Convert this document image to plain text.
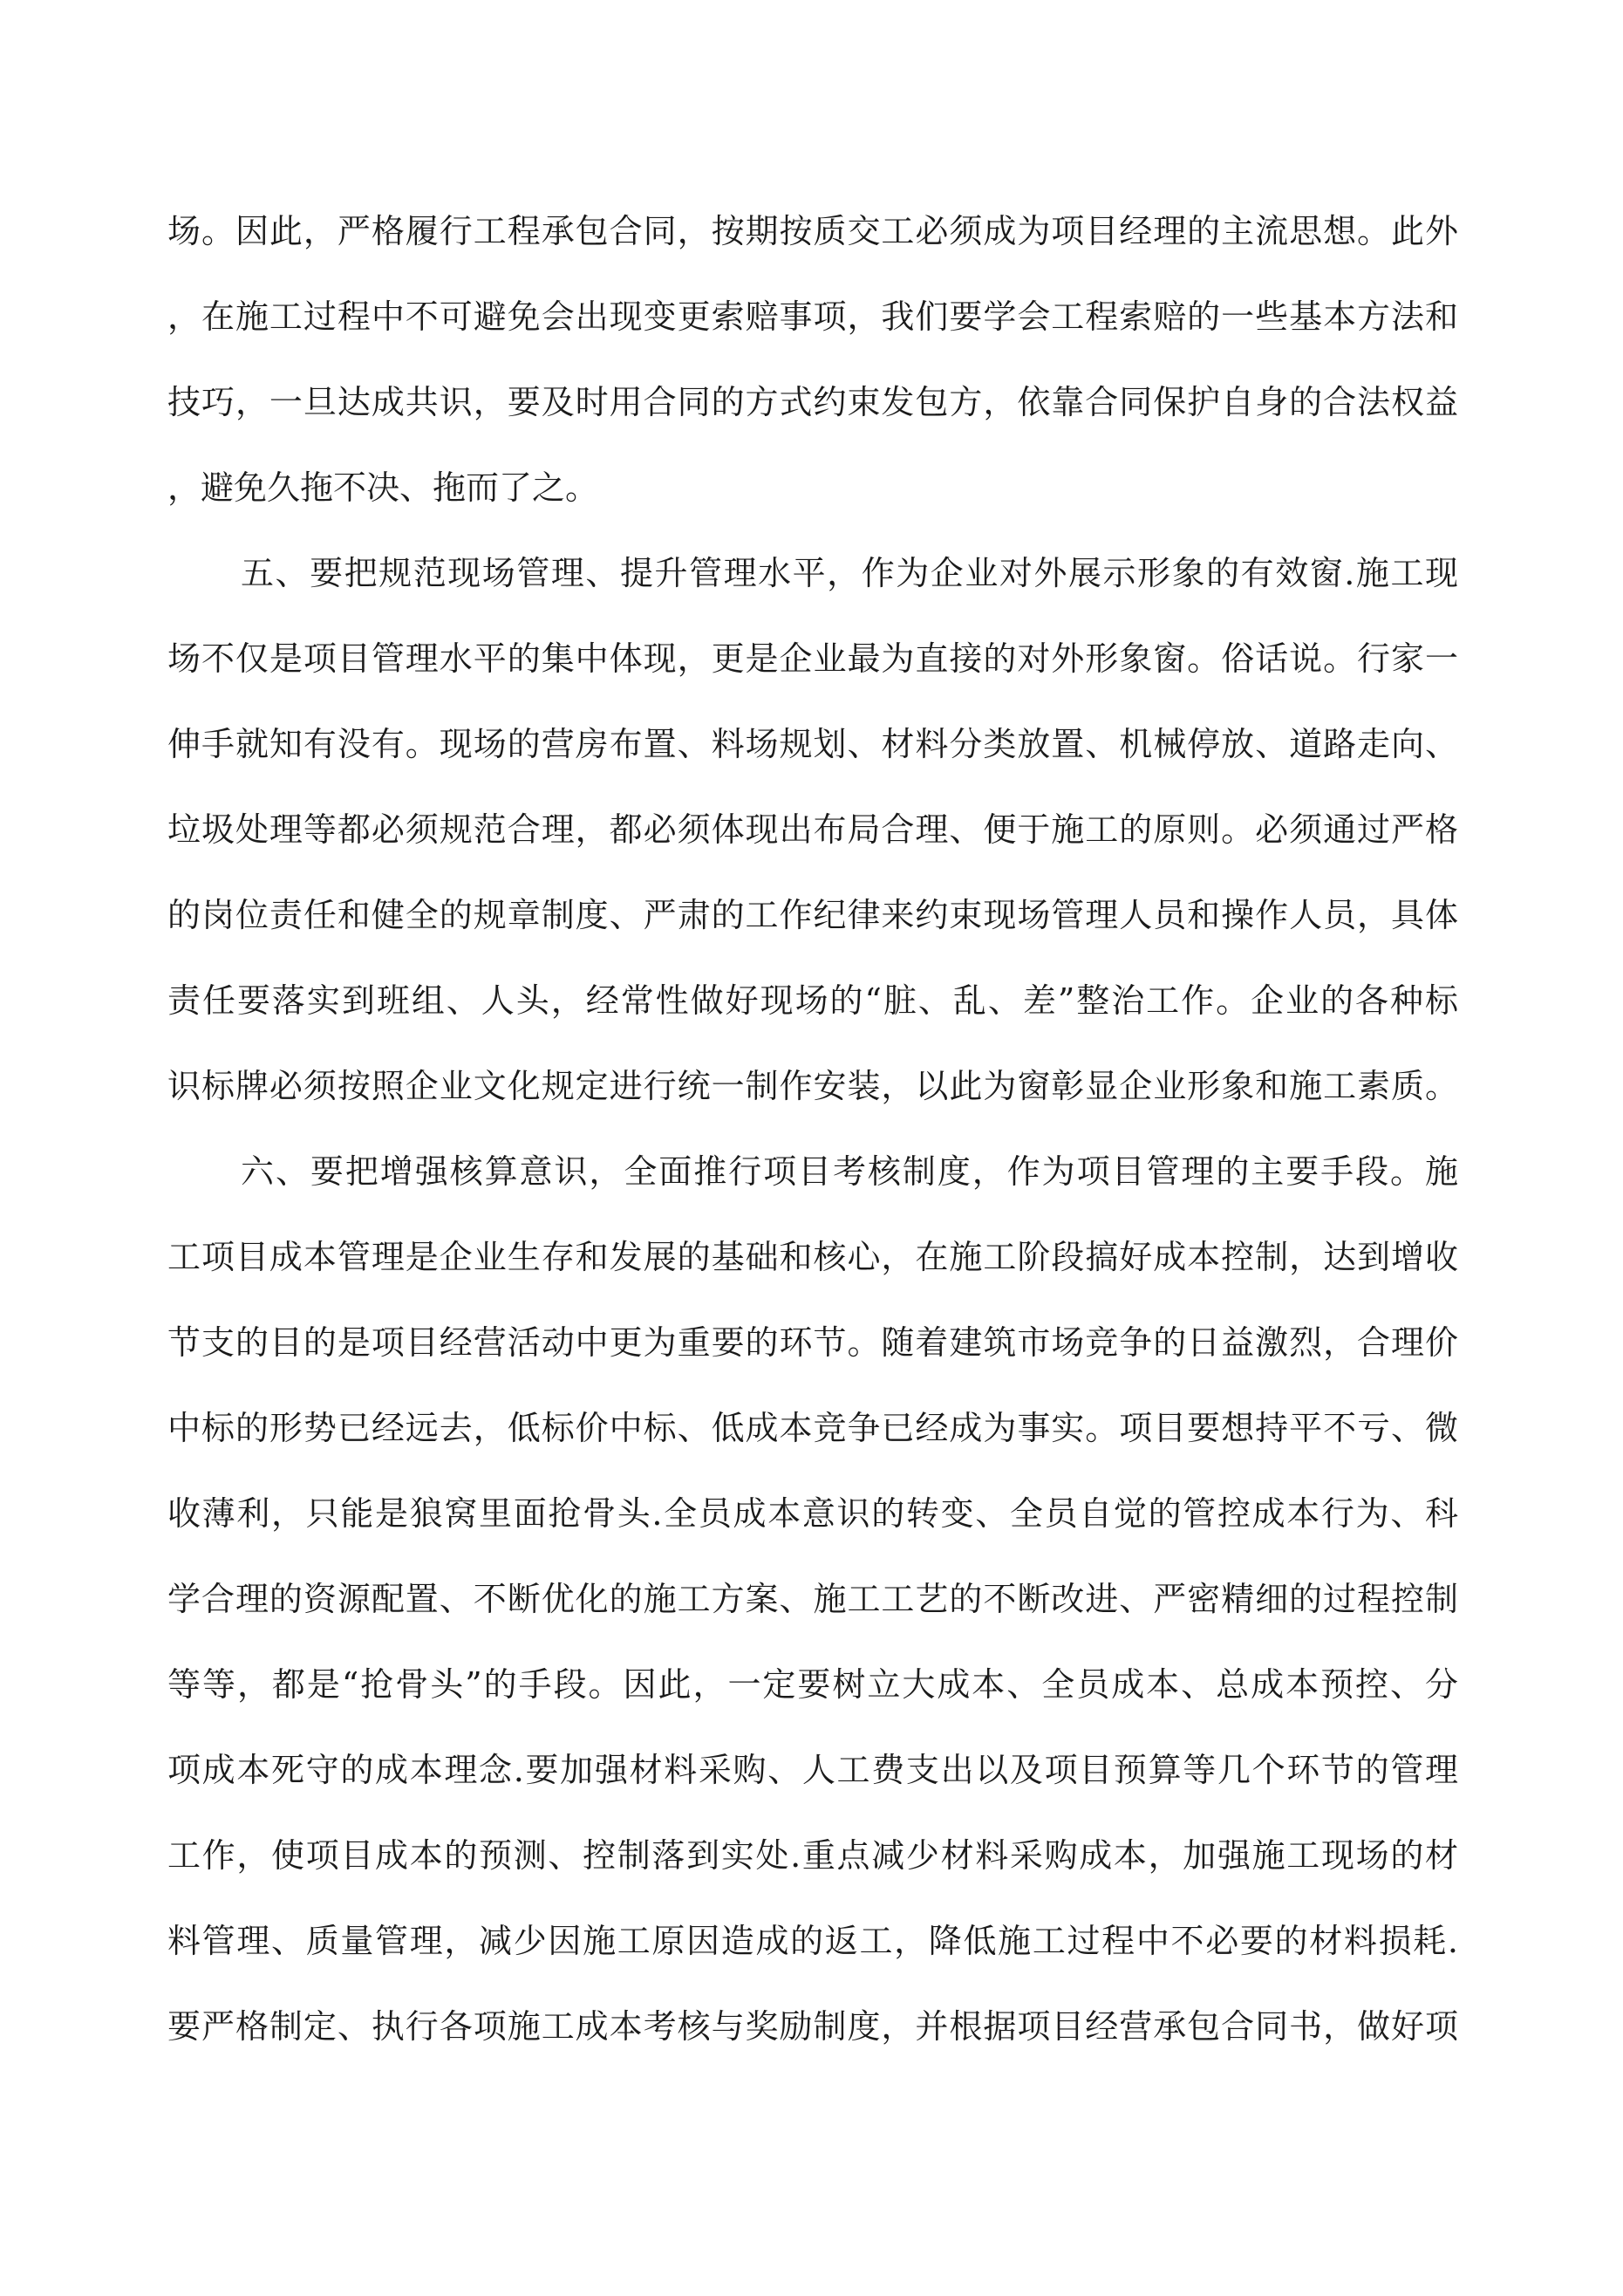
场。因此，严格履行工程承包合同，按期按质交工必须成为项目经理的主流思想。此外
，在施工过程中不可避免会出现变更索赔事项，我们要学会工程索赔的一些基本方法和
技巧，一旦达成共识，要及时用合同的方式约束发包方，依靠合同保护自身的合法权益
，避免久拖不决、拖而了之。
五、要把规范现场管理、提升管理水平，作为企业对外展示形象的有效窗.施工现
场不仅是项目管理水平的集中体现，更是企业最为直接的对外形象窗。俗话说。行家一
伸手就知有没有。现场的营房布置、料场规划、材料分类放置、机械停放、道路走向、
垃圾处理等都必须规范合理，都必须体现出布局合理、便于施工的原则。必须通过严格
的岗位责任和健全的规章制度、严肃的工作纪律来约束现场管理人员和操作人员，具体
责任要落实到班组、人头，经常性做好现场的“脏、乱、差”整治工作。企业的各种标
识标牌必须按照企业文化规定进行统一制作安装，以此为窗彰显企业形象和施工素质。
六、要把增强核算意识，全面推行项目考核制度，作为项目管理的主要手段。施
工项目成本管理是企业生存和发展的基础和核心，在施工阶段搞好成本控制，达到增收
节支的目的是项目经营活动中更为重要的环节。随着建筑市场竞争的日益激烈，合理价
中标的形势已经远去，低标价中标、低成本竞争已经成为事实。项目要想持平不亏、微
收薄利，只能是狼窝里面抢骨头.全员成本意识的转变、全员自觉的管控成本行为、科
学合理的资源配置、不断优化的施工方案、施工工艺的不断改进、严密精细的过程控制
等等，都是“抢骨头”的手段。因此，一定要树立大成本、全员成本、总成本预控、分
项成本死守的成本理念.要加强材料采购、人工费支出以及项目预算等几个环节的管理
工作，使项目成本的预测、控制落到实处.重点减少材料采购成本，加强施工现场的材
料管理、质量管理，减少因施工原因造成的返工，降低施工过程中不必要的材料损耗.
要严格制定、执行各项施工成本考核与奖励制度，并根据项目经营承包合同书，做好项
